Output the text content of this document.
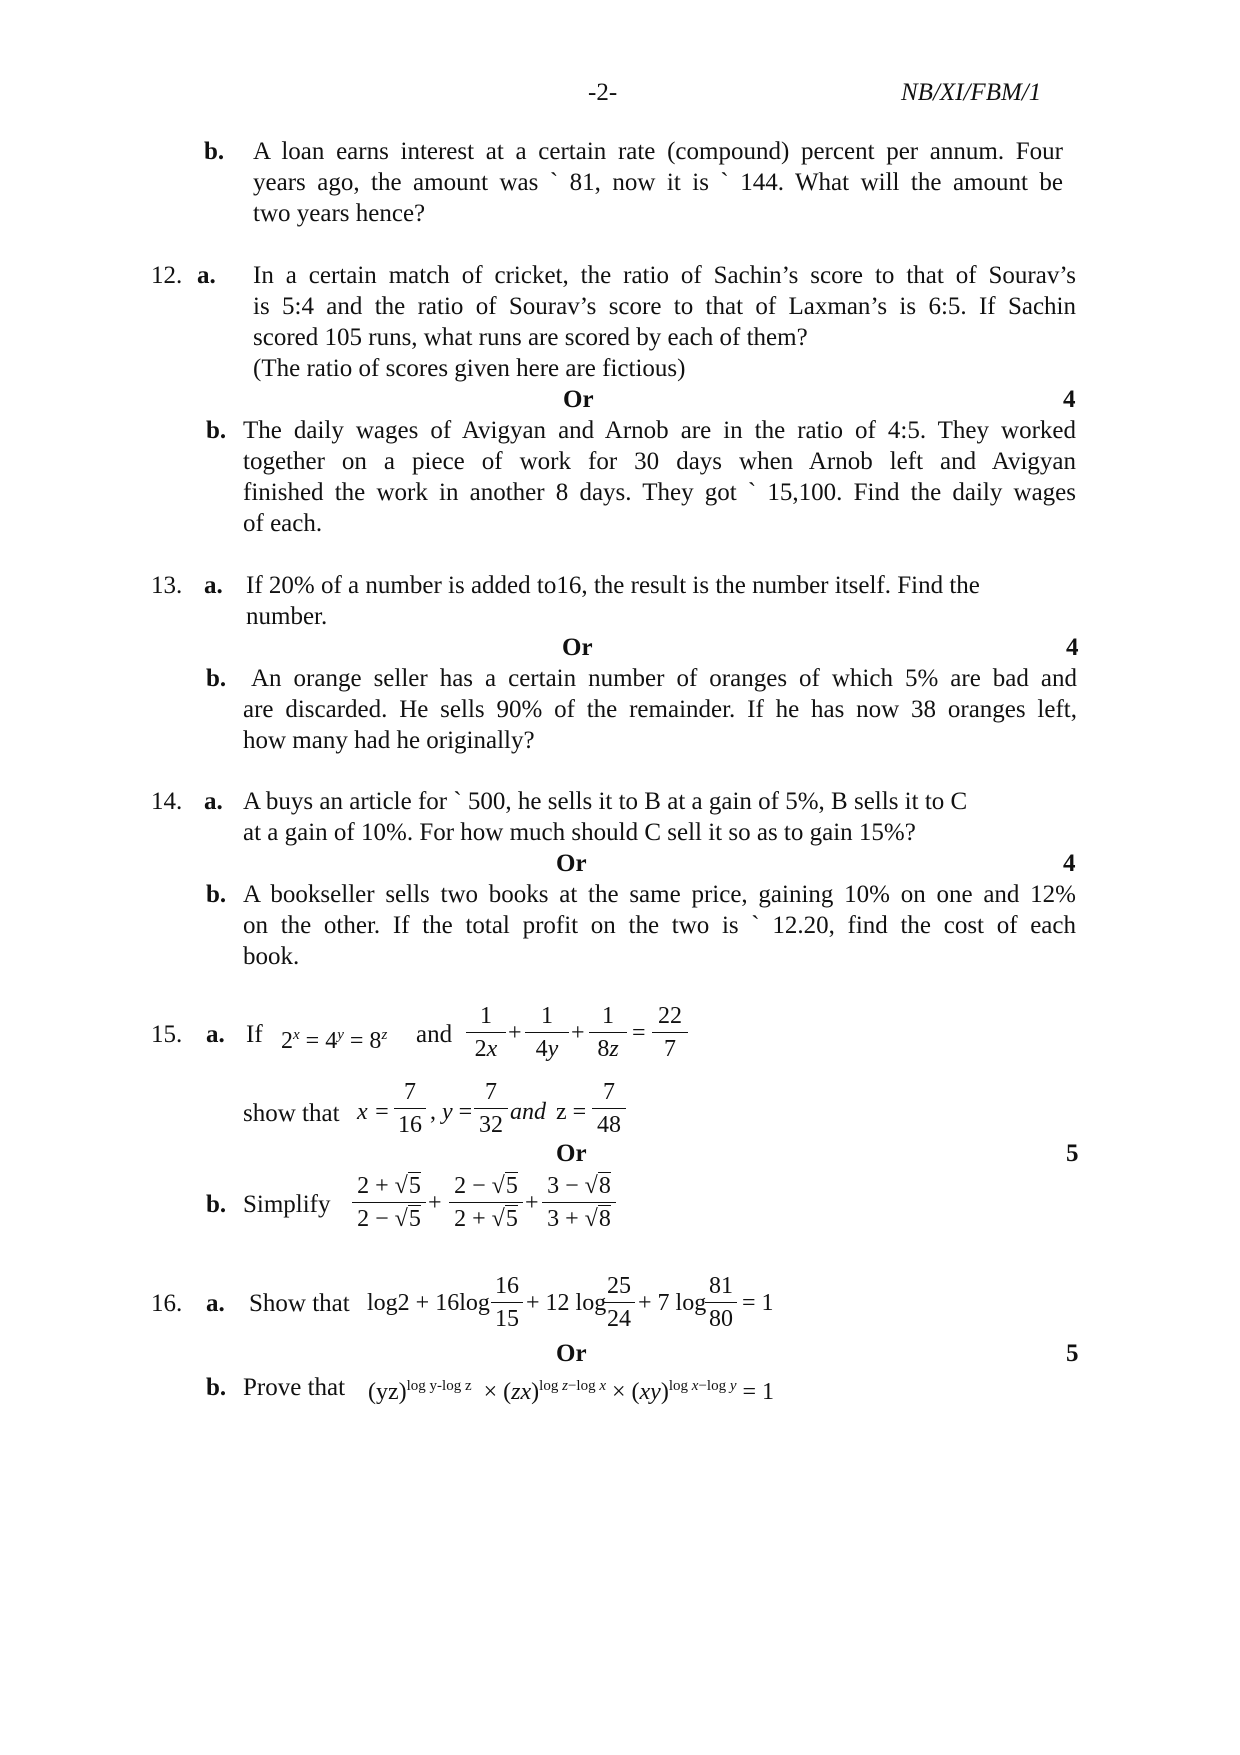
-2-	NB/XI/FBM/1
b. A loan earns interest at a certain rate (compound) percent per annum. Four
years ago, the amount was ` 81, now it is ` 144. What will the amount be
two years hence?
12. a. In a certain match of cricket, the ratio of Sachin’s score to that of Sourav’s
is 5:4 and the ratio of Sourav’s score to that of Laxman’s is 6:5. If Sachin
scored 105 runs, what runs are scored by each of them?
(The ratio of scores given here are fictious)
Or	4
b. The daily wages of Avigyan and Arnob are in the ratio of 4:5. They worked
together on a piece of work for 30 days when Arnob left and Avigyan
finished the work in another 8 days. They got ` 15,100. Find the daily wages
of each.
13. a. If 20% of a number is added to16, the result is the number itself. Find the
number.
Or	4
b. An orange seller has a certain number of oranges of which 5% are bad and
are discarded. He sells 90% of the remainder. If he has now 38 oranges left,
how many had he originally?
14. a. A buys an article for ` 500, he sells it to B at a gain of 5%, B sells it to C
at a gain of 10%. For how much should C sell it so as to gain 15%?
Or	4
b. A bookseller sells two books at the same price, gaining 10% on one and 12%
on the other. If the total profit on the two is ` 12.20, find the cost of each
book.
15. a. If $2^x = 4^y = 8^z$ and
1
2x
+
1
4y
+
1
8z
=
22
7
show that x =
7
16 , y =
7
32 and z =
7
48
Or	5
b. Simplify
2 + √5
2 − √5
+
2 − √5
2 + √5
+
3 − √8
3 + √8
16. a. Show that log2 + 16log
16
15
+ 12 log
25
24
+ 7 log
81
80
= 1
Or	5
b. Prove that (yz)$^{log y-log z}$  × (zx)$^{log z-log x}$ × (xy)$^{log x-log y}$ = 1
